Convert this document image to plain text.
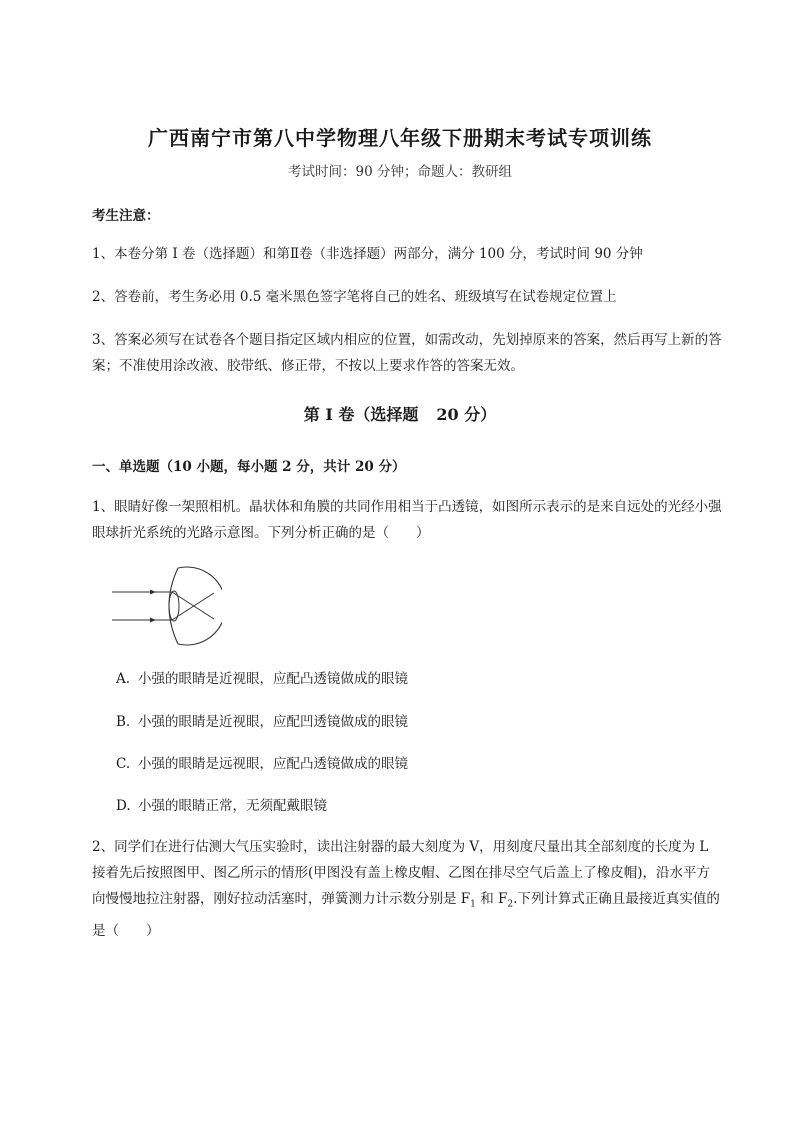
广西南宁市第八中学物理八年级下册期末考试专项训练
考试时间：90 分钟；命题人：教研组
考生注意：
1、本卷分第 I 卷（选择题）和第Ⅱ卷（非选择题）两部分，满分 100 分，考试时间 90 分钟
2、答卷前，考生务必用 0.5 毫米黑色签字笔将自己的姓名、班级填写在试卷规定位置上
3、答案必须写在试卷各个题目指定区域内相应的位置，如需改动，先划掉原来的答案，然后再写上新的答案；不准使用涂改液、胶带纸、修正带，不按以上要求作答的答案无效。
第 I 卷（选择题 20 分）
一、单选题（10 小题，每小题 2 分，共计 20 分）
1、眼睛好像一架照相机。晶状体和角膜的共同作用相当于凸透镜，如图所示表示的是来自远处的光经小强眼球折光系统的光路示意图。下列分析正确的是（　　）
A. 小强的眼睛是近视眼，应配凸透镜做成的眼镜
B. 小强的眼睛是近视眼，应配凹透镜做成的眼镜
C. 小强的眼睛是远视眼，应配凸透镜做成的眼镜
D. 小强的眼睛正常，无须配戴眼镜
2、同学们在进行估测大气压实验时，读出注射器的最大刻度为 V，用刻度尺量出其全部刻度的长度为 L 接着先后按照图甲、图乙所示的情形(甲图没有盖上橡皮帽、乙图在排尽空气后盖上了橡皮帽)，沿水平方向慢慢地拉注射器，刚好拉动活塞时，弹簧测力计示数分别是 $F_1$ 和 $F_2$.下列计算式正确且最接近真实值的是（　　）
